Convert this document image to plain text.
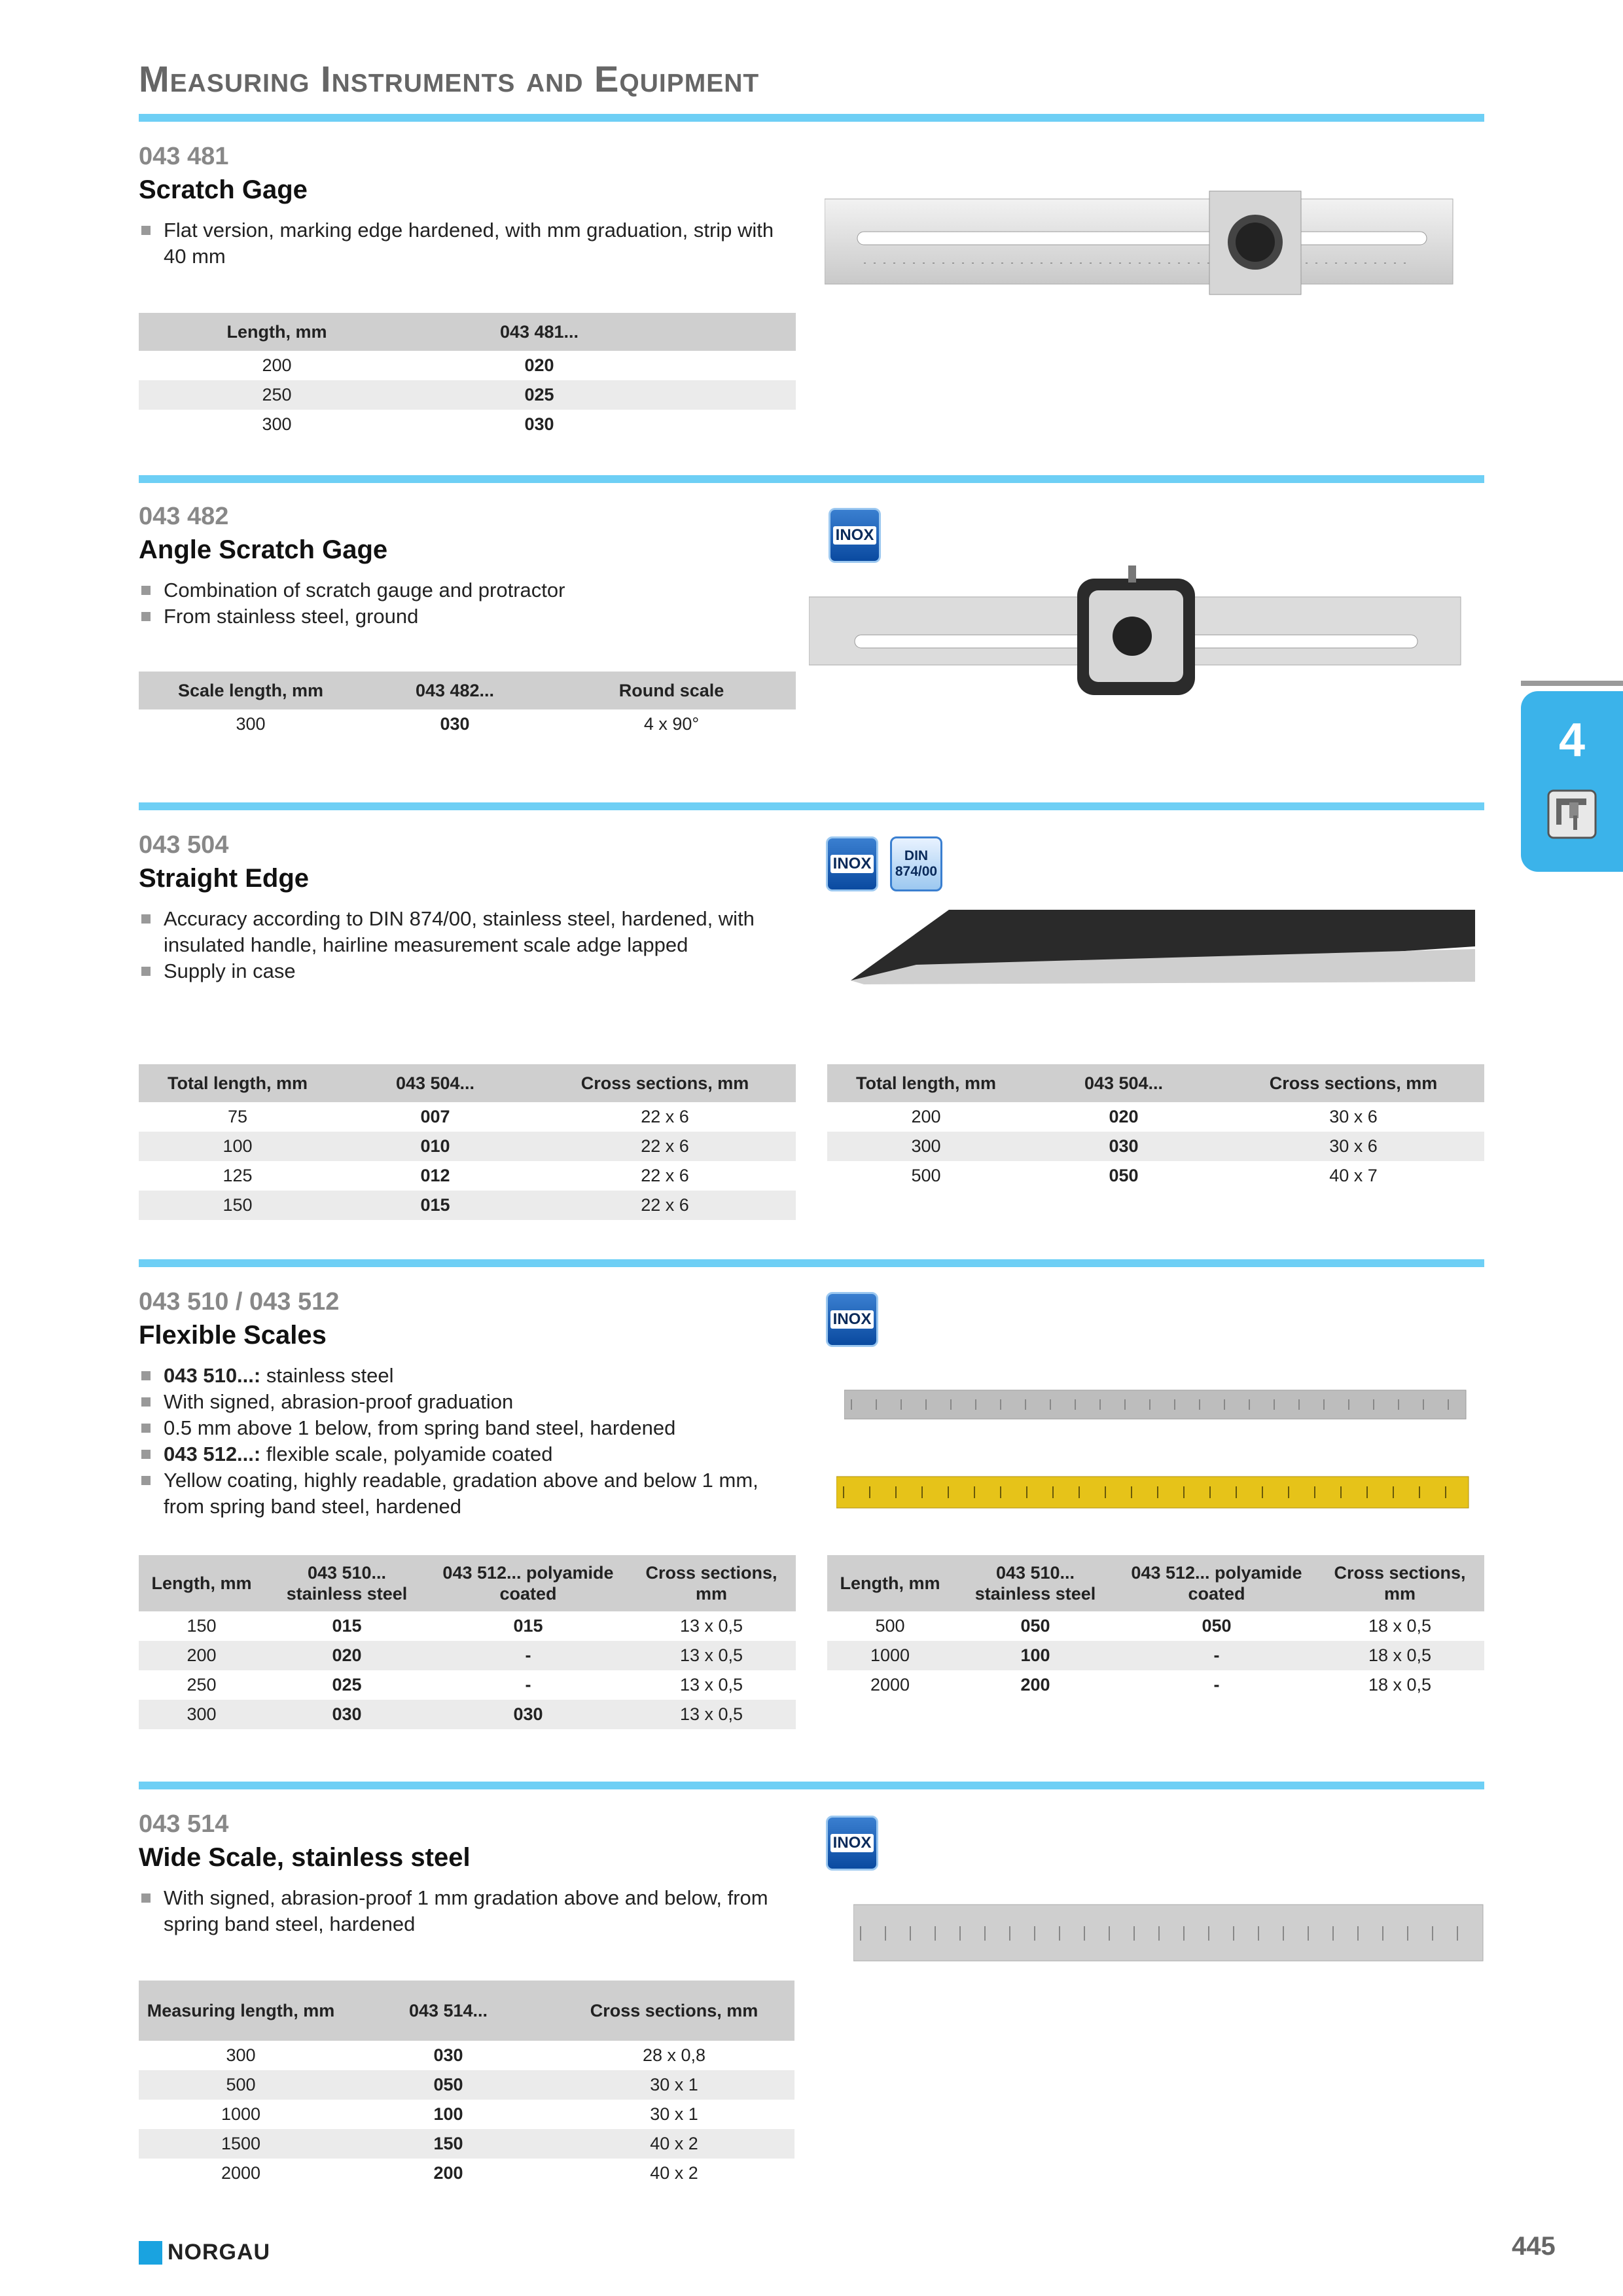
Measuring Instruments and Equipment
4
043 481
Scratch Gage
Flat version, marking edge hardened, with mm graduation, strip with 40 mm
Length, mm	043 481...	
200	020	
250	025	
300	030	
043 482
Angle Scratch Gage
Combination of scratch gauge and protractor
From stainless steel, ground
INOX
Scale length, mm	043 482...	Round scale
300	030	4 x 90°
043 504
Straight Edge
Accuracy according to DIN 874/00, stainless steel, hardened, with insulated handle, hairline measurement scale adge lapped
Supply in case
INOX	DIN 874/00
Total length, mm	043 504...	Cross sections, mm
75	007	22 x 6
100	010	22 x 6
125	012	22 x 6
150	015	22 x 6
Total length, mm	043 504...	Cross sections, mm
200	020	30 x 6
300	030	30 x 6
500	050	40 x 7
043 510 / 043 512
Flexible Scales
043 510...: stainless steel
With signed, abrasion-proof graduation
0.5 mm above 1 below, from spring band steel, hardened
043 512...: flexible scale, polyamide coated
Yellow coating, highly readable, gradation above and below 1 mm, from spring band steel, hardened
INOX
Length, mm	043 510... stainless steel	043 512... polyamide coated	Cross sections, mm
150	015	015	13 x 0,5
200	020	-	13 x 0,5
250	025	-	13 x 0,5
300	030	030	13 x 0,5
Length, mm	043 510... stainless steel	043 512... polyamide coated	Cross sections, mm
500	050	050	18 x 0,5
1000	100	-	18 x 0,5
2000	200	-	18 x 0,5
043 514
Wide Scale, stainless steel
With signed, abrasion-proof 1 mm gradation above and below, from spring band steel, hardened
INOX
Measuring length, mm	043 514...	Cross sections, mm
300	030	28 x 0,8
500	050	30 x 1
1000	100	30 x 1
1500	150	40 x 2
2000	200	40 x 2
NORGAU	445
